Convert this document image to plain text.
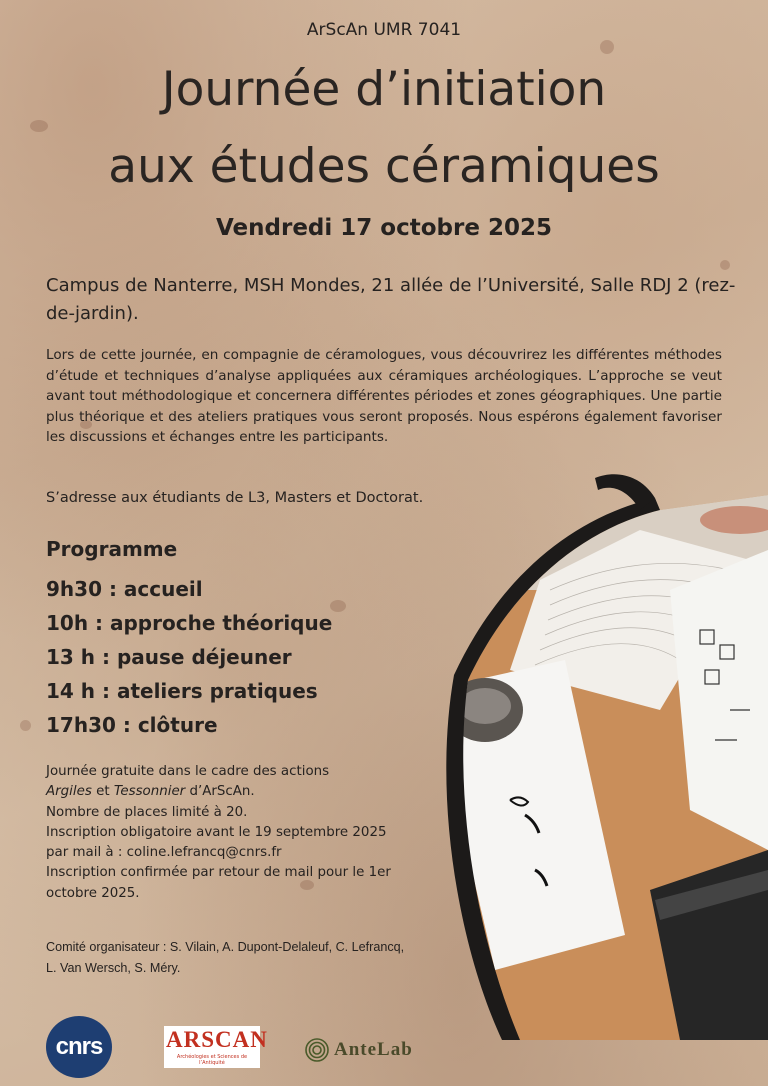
ArScAn UMR 7041
Journée d’initiation
aux études céramiques
Vendredi 17 octobre 2025
Campus de Nanterre, MSH Mondes, 21 allée de l’Université, Salle RDJ 2 (rez-de-jardin).
Lors de cette journée, en compagnie de céramologues, vous découvrirez les différentes méthodes d’étude et techniques d’analyse appliquées aux céramiques archéologiques. L’approche se veut avant tout méthodologique et concernera différentes périodes et zones géographiques. Une partie plus théorique et des ateliers pratiques vous seront proposés. Nous espérons également favoriser les discussions et échanges entre les participants.
S’adresse aux étudiants de L3, Masters et Doctorat.
Programme
9h30 : accueil
10h : approche théorique
13 h : pause déjeuner
14 h : ateliers pratiques
17h30 : clôture
Journée gratuite dans le cadre des actions
Argiles et Tessonnier d’ArScAn.
Nombre de places limité à 20.
Inscription obligatoire avant le 19 septembre 2025
par mail à : coline.lefrancq@cnrs.fr
Inscription confirmée par retour de mail pour le 1er octobre 2025.
Comité organisateur : S. Vilain, A. Dupont-Delaleuf, C. Lefrancq, L. Van Wersch, S. Méry.
cnrs	ARSCAN
Archéologies et Sciences de l’Antiquité
AnteLab
